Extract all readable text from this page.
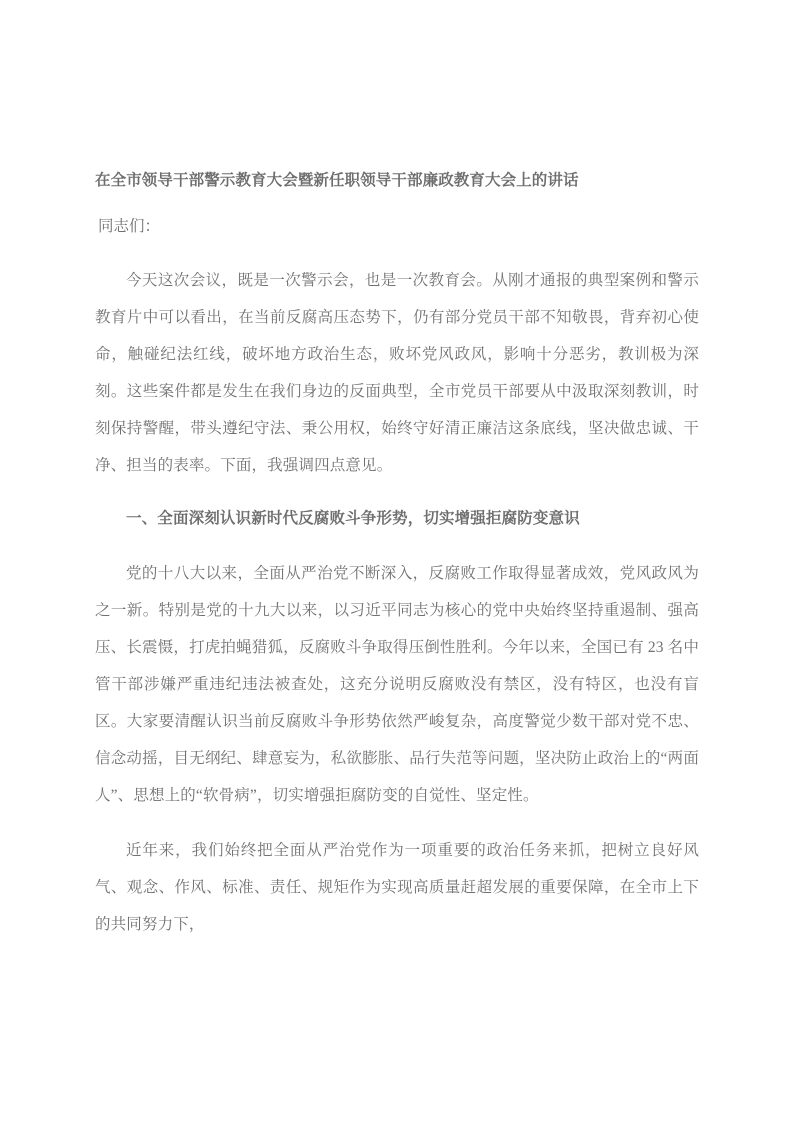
在全市领导干部警示教育大会暨新任职领导干部廉政教育大会上的讲话

同志们：

今天这次会议，既是一次警示会，也是一次教育会。从刚才通报的典型案例和警示教育片中可以看出，在当前反腐高压态势下，仍有部分党员干部不知敬畏，背弃初心使命，触碰纪法红线，破坏地方政治生态，败坏党风政风，影响十分恶劣，教训极为深刻。这些案件都是发生在我们身边的反面典型，全市党员干部要从中汲取深刻教训，时刻保持警醒，带头遵纪守法、秉公用权，始终守好清正廉洁这条底线，坚决做忠诚、干净、担当的表率。下面，我强调四点意见。

一、全面深刻认识新时代反腐败斗争形势，切实增强拒腐防变意识

党的十八大以来，全面从严治党不断深入，反腐败工作取得显著成效，党风政风为之一新。特别是党的十九大以来，以习近平同志为核心的党中央始终坚持重遏制、强高压、长震慑，打虎拍蝇猎狐，反腐败斗争取得压倒性胜利。今年以来，全国已有 23 名中管干部涉嫌严重违纪违法被查处，这充分说明反腐败没有禁区，没有特区，也没有盲区。大家要清醒认识当前反腐败斗争形势依然严峻复杂，高度警觉少数干部对党不忠、信念动摇，目无纲纪、肆意妄为，私欲膨胀、品行失范等问题，坚决防止政治上的“两面人”、思想上的“软骨病”，切实增强拒腐防变的自觉性、坚定性。

近年来，我们始终把全面从严治党作为一项重要的政治任务来抓，把树立良好风气、观念、作风、标准、责任、规矩作为实现高质量赶超发展的重要保障，在全市上下的共同努力下，
